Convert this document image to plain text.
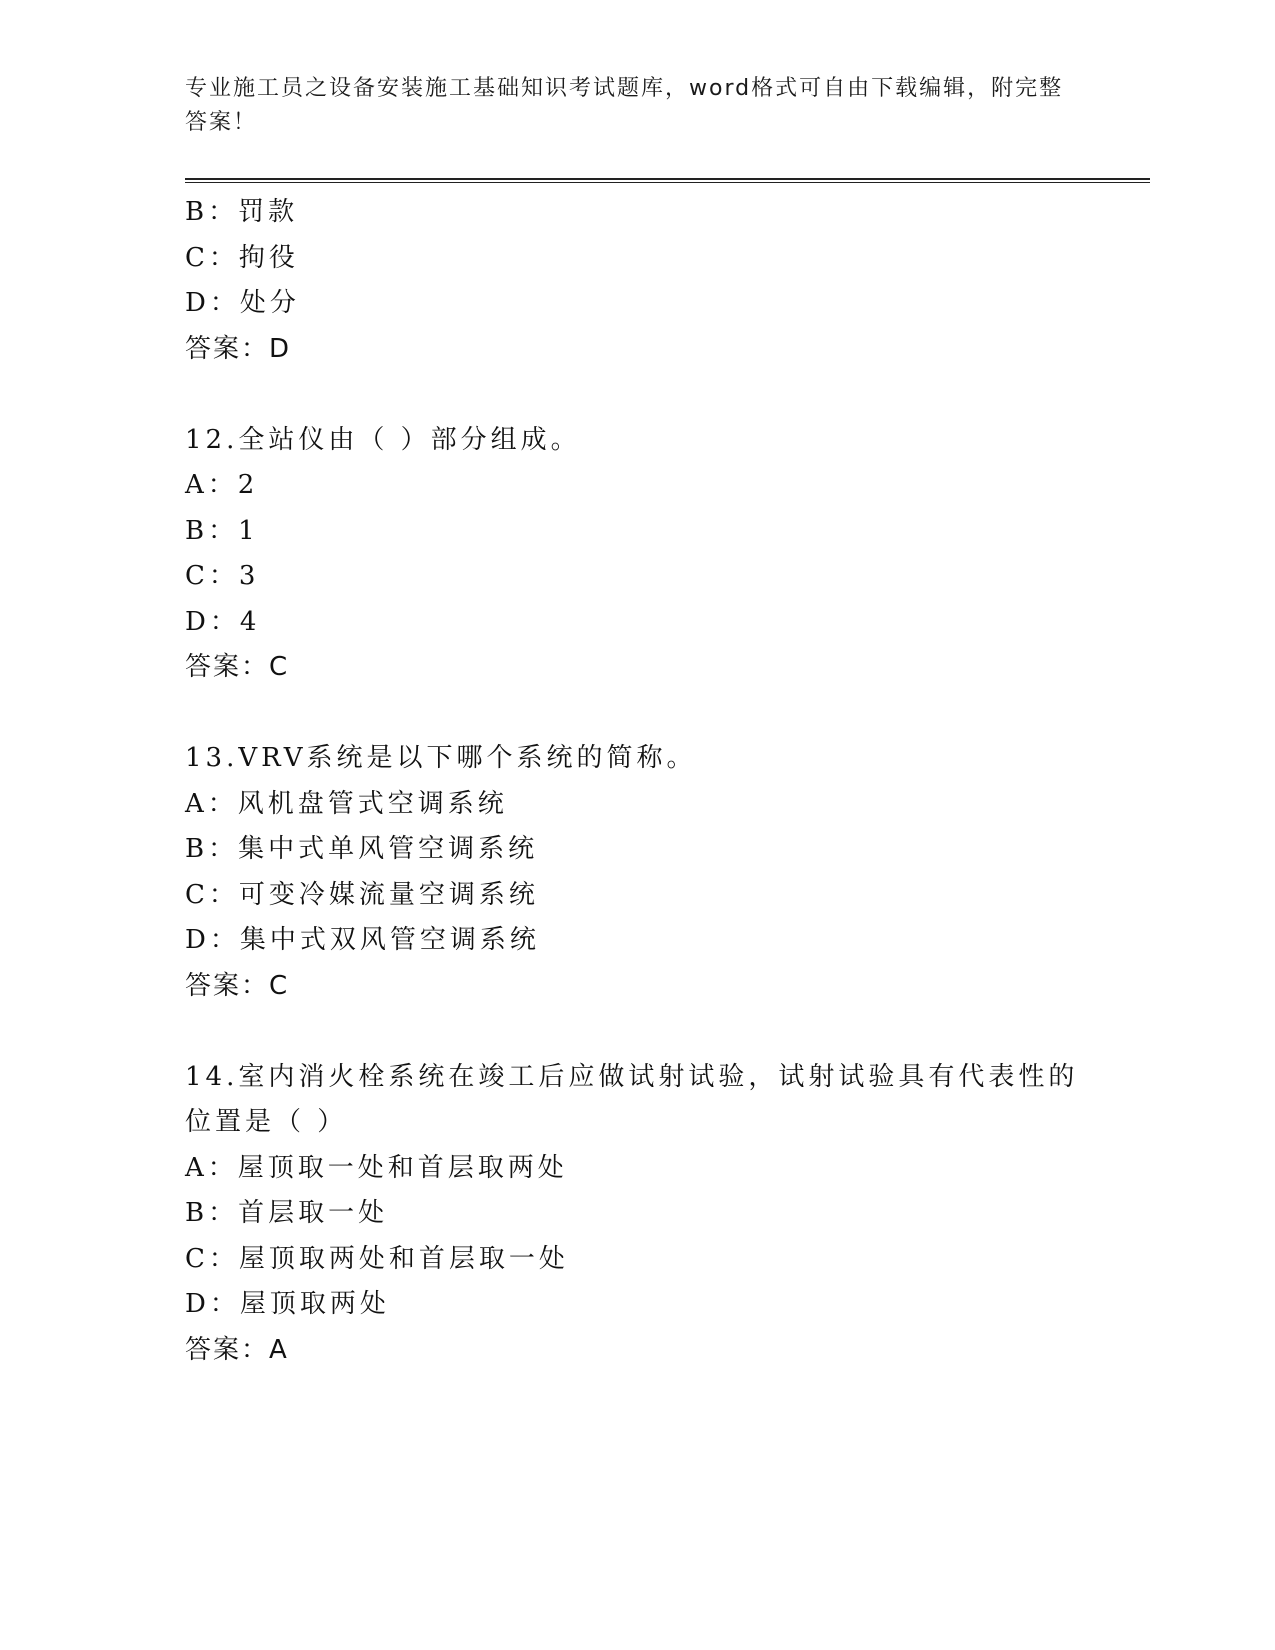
专业施工员之设备安装施工基础知识考试题库，word格式可自由下载编辑，附完整答案！
B：罚款
C：拘役
D：处分
答案：D
12.全站仪由（ ）部分组成。
A：2
B：1
C：3
D：4
答案：C
13.VRV系统是以下哪个系统的简称。
A：风机盘管式空调系统
B：集中式单风管空调系统
C：可变冷媒流量空调系统
D：集中式双风管空调系统
答案：C
14.室内消火栓系统在竣工后应做试射试验，试射试验具有代表性的位置是（ ）
A：屋顶取一处和首层取两处
B：首层取一处
C：屋顶取两处和首层取一处
D：屋顶取两处
答案：A
